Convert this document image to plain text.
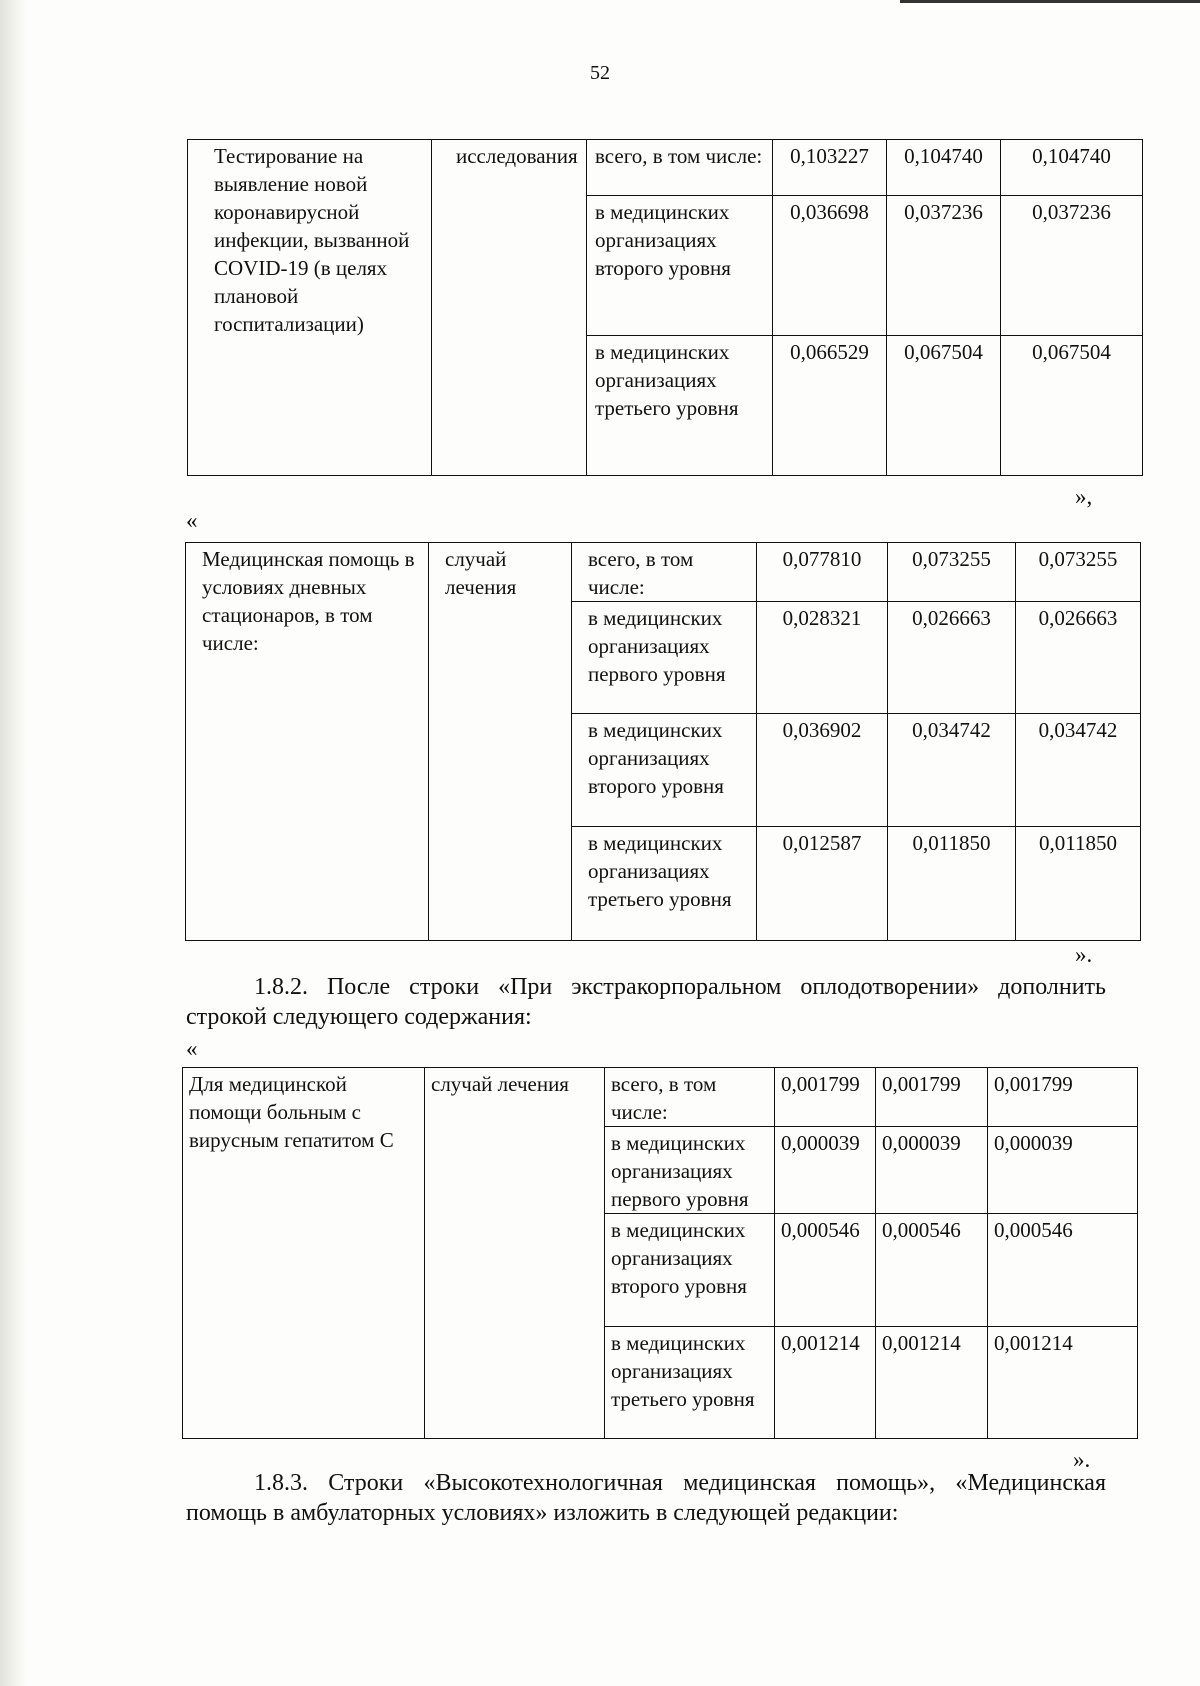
52
Тестирование на выявление новой коронавирусной инфекции, вызванной COVID-19 (в целях плановой госпитализации)	исследования	всего, в том числе:	0,103227	0,104740	0,104740
		в медицинских организациях второго уровня	0,036698	0,037236	0,037236
		в медицинских организациях третьего уровня	0,066529	0,067504	0,067504
»,
«
Медицинская помощь в условиях дневных стационаров, в том числе:	случай лечения	всего, в том числе:	0,077810	0,073255	0,073255
		в медицинских организациях первого уровня	0,028321	0,026663	0,026663
		в медицинских организациях второго уровня	0,036902	0,034742	0,034742
		в медицинских организациях третьего уровня	0,012587	0,011850	0,011850
».
1.8.2. После строки «При экстракорпоральном оплодотворении» дополнить строкой следующего содержания:
«
Для медицинской помощи больным с вирусным гепатитом С	случай лечения	всего, в том числе:	0,001799	0,001799	0,001799
		в медицинских организациях первого уровня	0,000039	0,000039	0,000039
		в медицинских организациях второго уровня	0,000546	0,000546	0,000546
		в медицинских организациях третьего уровня	0,001214	0,001214	0,001214
».
1.8.3. Строки «Высокотехнологичная медицинская помощь», «Медицинская помощь в амбулаторных условиях» изложить в следующей редакции:
